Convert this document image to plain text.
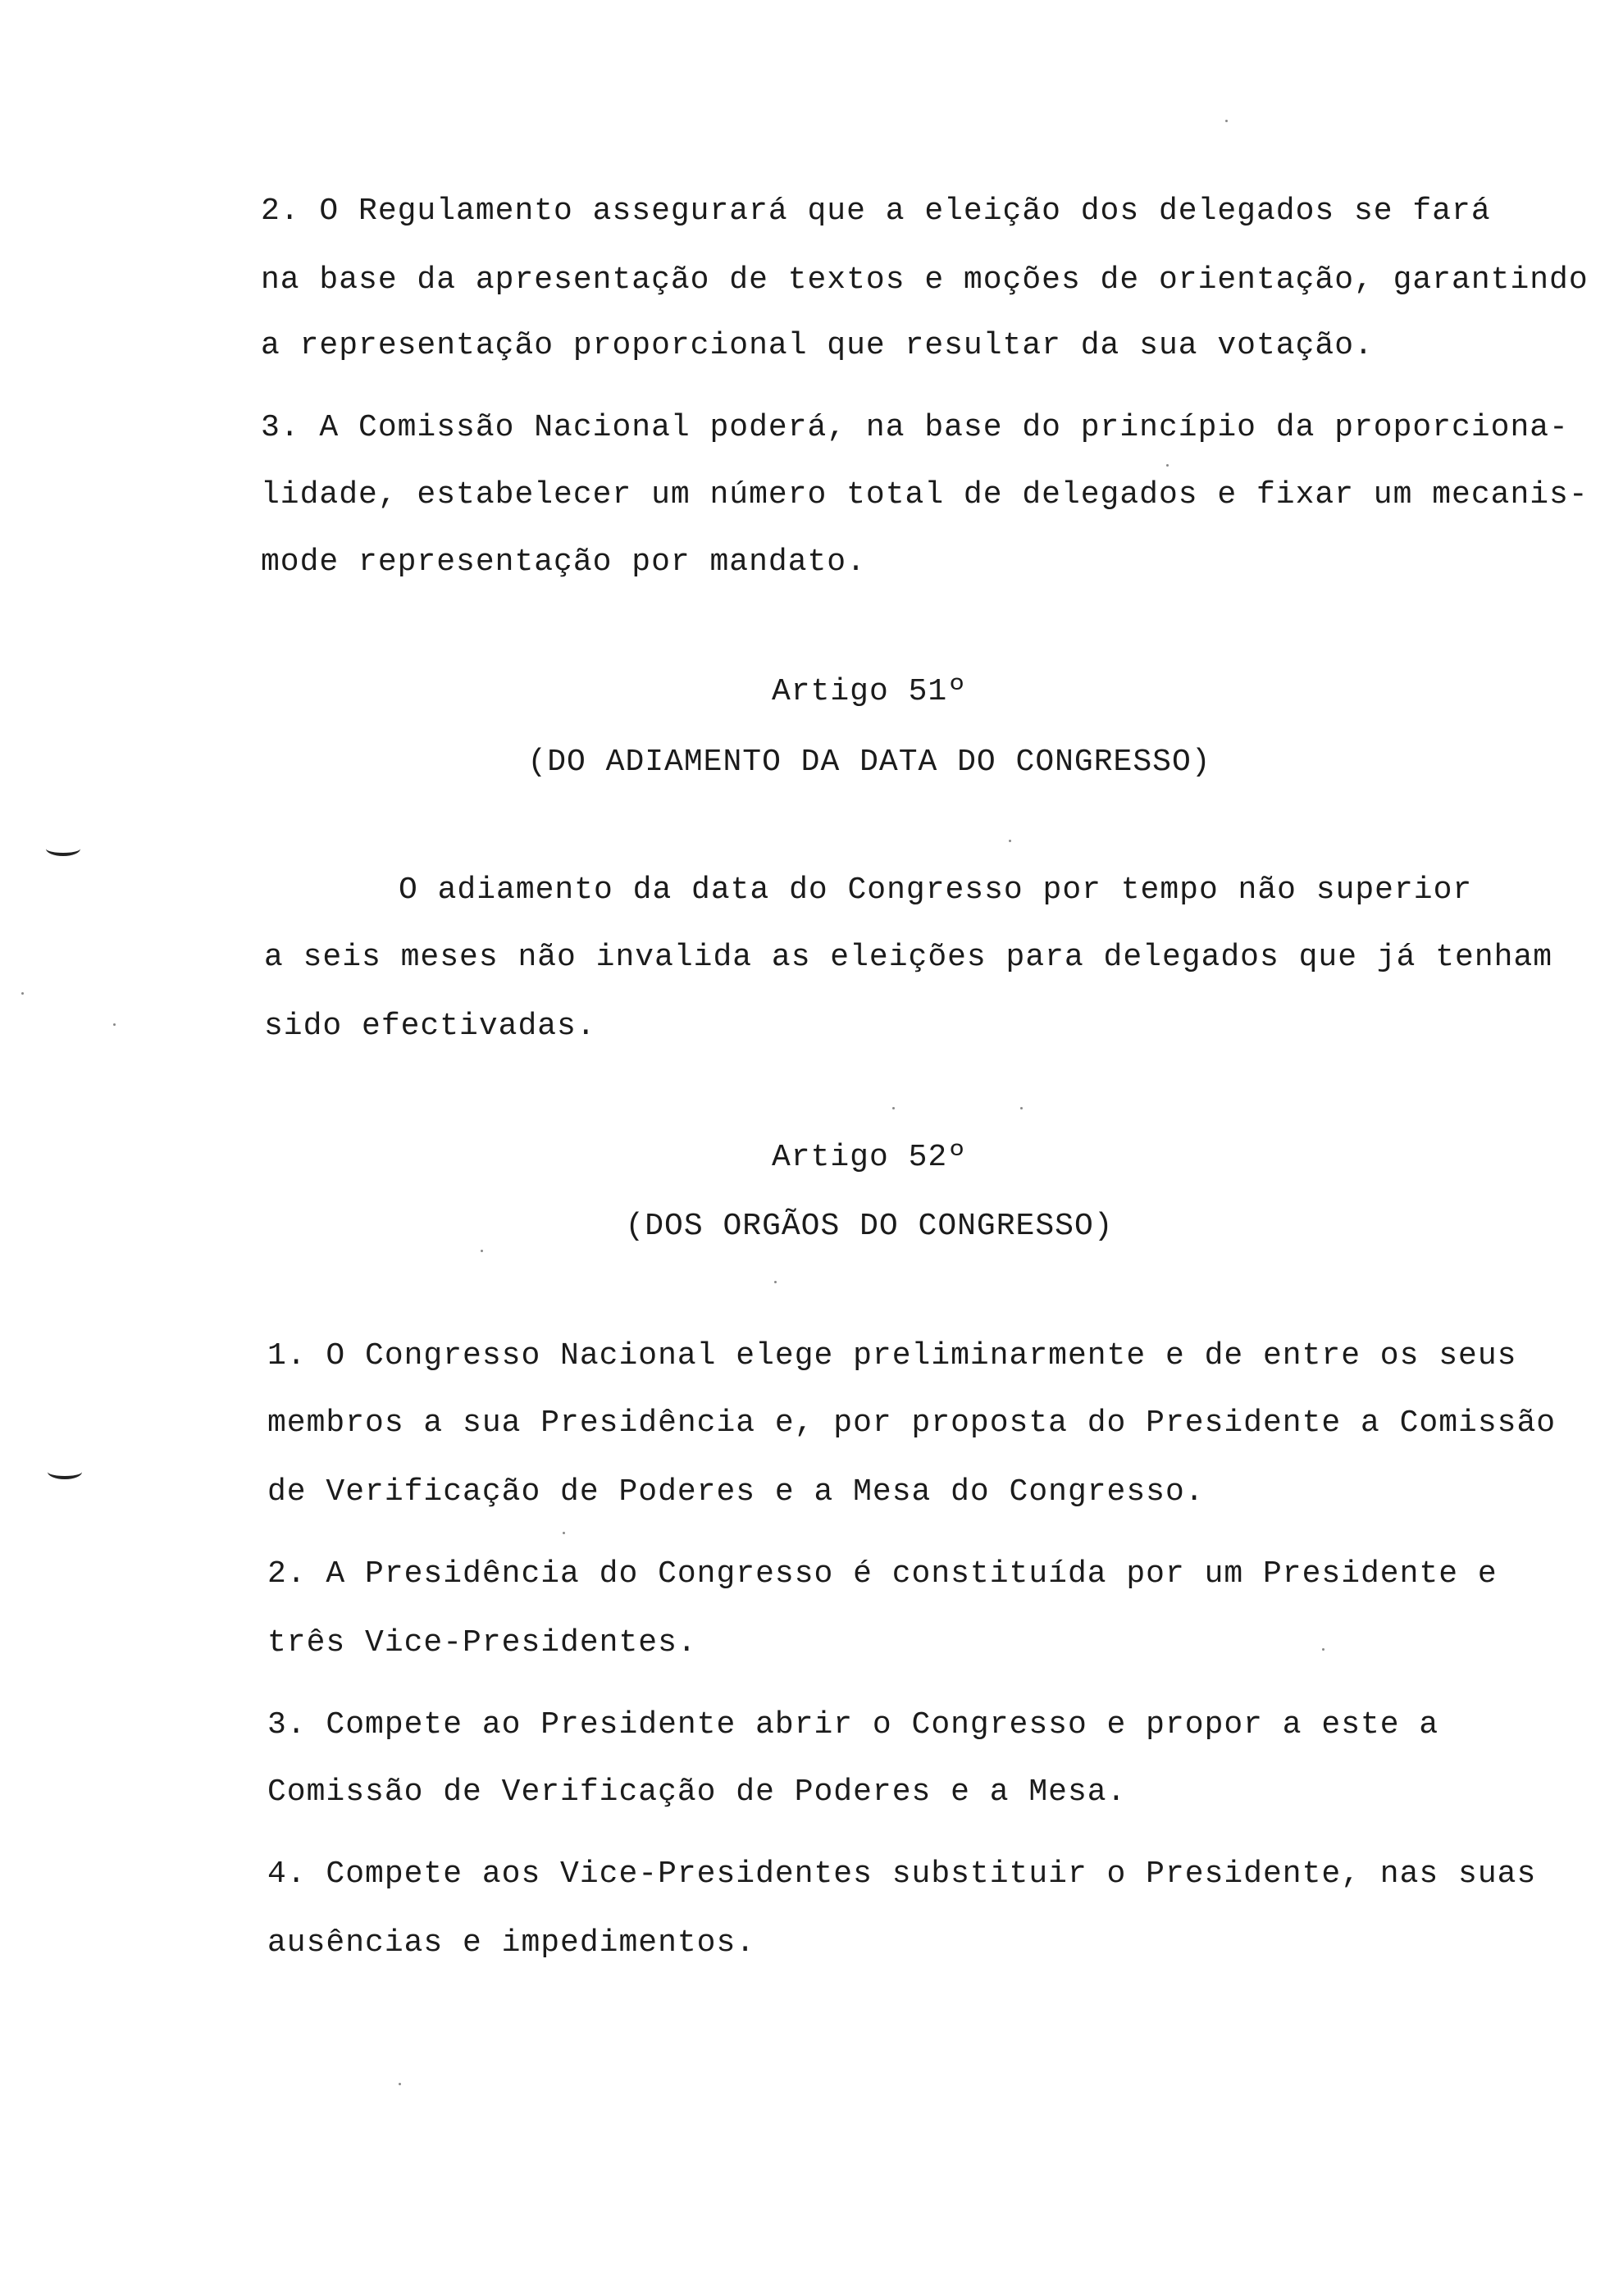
2. O Regulamento assegurará que a eleição dos delegados se fará
na base da apresentação de textos e moções de orientação, garantindo
a representação proporcional que resultar da sua votação.
3. A Comissão Nacional poderá, na base do princípio da proporciona-
lidade, estabelecer um número total de delegados e fixar um mecanis-
mode representação por mandato.
Artigo 51º
(DO ADIAMENTO DA DATA DO CONGRESSO)
O adiamento da data do Congresso por tempo não superior
a seis meses não invalida as eleições para delegados que já tenham
sido efectivadas.
Artigo 52º
(DOS ORGÃOS DO CONGRESSO)
1. O Congresso Nacional elege preliminarmente e de entre os seus
membros a sua Presidência e, por proposta do Presidente a Comissão
de Verificação de Poderes e a Mesa do Congresso.
2. A Presidência do Congresso é constituída por um Presidente e
três Vice-Presidentes.
3. Compete ao Presidente abrir o Congresso e propor a este a
Comissão de Verificação de Poderes e a Mesa.
4. Compete aos Vice-Presidentes substituir o Presidente, nas suas
ausências e impedimentos.
